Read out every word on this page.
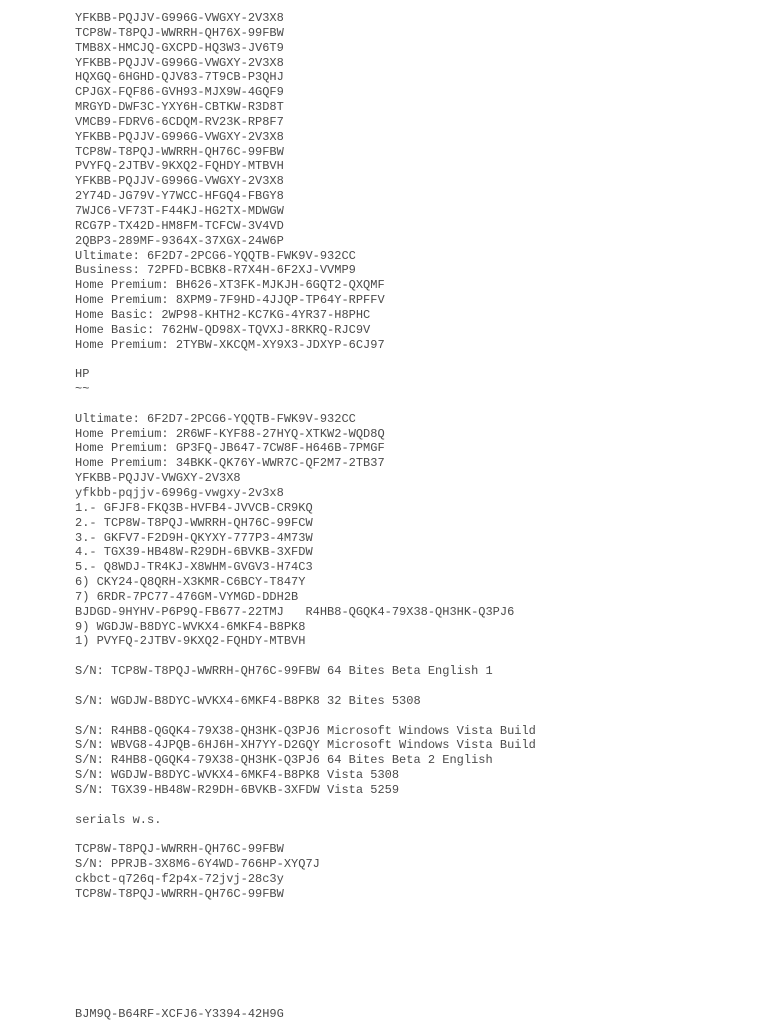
YFKBB-PQJJV-G996G-VWGXY-2V3X8
TCP8W-T8PQJ-WWRRH-QH76X-99FBW
TMB8X-HMCJQ-GXCPD-HQ3W3-JV6T9
YFKBB-PQJJV-G996G-VWGXY-2V3X8
HQXGQ-6HGHD-QJV83-7T9CB-P3QHJ
CPJGX-FQF86-GVH93-MJX9W-4GQF9
MRGYD-DWF3C-YXY6H-CBTKW-R3D8T
VMCB9-FDRV6-6CDQM-RV23K-RP8F7
YFKBB-PQJJV-G996G-VWGXY-2V3X8
TCP8W-T8PQJ-WWRRH-QH76C-99FBW
PVYFQ-2JTBV-9KXQ2-FQHDY-MTBVH
YFKBB-PQJJV-G996G-VWGXY-2V3X8
2Y74D-JG79V-Y7WCC-HFGQ4-FBGY8
7WJC6-VF73T-F44KJ-HG2TX-MDWGW
RCG7P-TX42D-HM8FM-TCFCW-3V4VD
2QBP3-289MF-9364X-37XGX-24W6P
Ultimate: 6F2D7-2PCG6-YQQTB-FWK9V-932CC
Business: 72PFD-BCBK8-R7X4H-6F2XJ-VVMP9
Home Premium: BH626-XT3FK-MJKJH-6GQT2-QXQMF
Home Premium: 8XPM9-7F9HD-4JJQP-TP64Y-RPFFV
Home Basic: 2WP98-KHTH2-KC7KG-4YR37-H8PHC
Home Basic: 762HW-QD98X-TQVXJ-8RKRQ-RJC9V
Home Premium: 2TYBW-XKCQM-XY9X3-JDXYP-6CJ97
HP
~~
Ultimate: 6F2D7-2PCG6-YQQTB-FWK9V-932CC
Home Premium: 2R6WF-KYF88-27HYQ-XTKW2-WQD8Q
Home Premium: GP3FQ-JB647-7CW8F-H646B-7PMGF
Home Premium: 34BKK-QK76Y-WWR7C-QF2M7-2TB37
YFKBB-PQJJV-VWGXY-2V3X8
yfkbb-pqjjv-6996g-vwgxy-2v3x8
1.- GFJF8-FKQ3B-HVFB4-JVVCB-CR9KQ
2.- TCP8W-T8PQJ-WWRRH-QH76C-99FCW
3.- GKFV7-F2D9H-QKYXY-777P3-4M73W
4.- TGX39-HB48W-R29DH-6BVKB-3XFDW
5.- Q8WDJ-TR4KJ-X8WHM-GVGV3-H74C3
6) CKY24-Q8QRH-X3KMR-C6BCY-T847Y
7) 6RDR-7PC77-476GM-VYMGD-DDH2B
BJDGD-9HYHV-P6P9Q-FB677-22TMJ   R4HB8-QGQK4-79X38-QH3HK-Q3PJ6
9) WGDJW-B8DYC-WVKX4-6MKF4-B8PK8
1) PVYFQ-2JTBV-9KXQ2-FQHDY-MTBVH
S/N: TCP8W-T8PQJ-WWRRH-QH76C-99FBW 64 Bites Beta English 1
S/N: WGDJW-B8DYC-WVKX4-6MKF4-B8PK8 32 Bites 5308
S/N: R4HB8-QGQK4-79X38-QH3HK-Q3PJ6 Microsoft Windows Vista Build
S/N: WBVG8-4JPQB-6HJ6H-XH7YY-D2GQY Microsoft Windows Vista Build
S/N: R4HB8-QGQK4-79X38-QH3HK-Q3PJ6 64 Bites Beta 2 English
S/N: WGDJW-B8DYC-WVKX4-6MKF4-B8PK8 Vista 5308
S/N: TGX39-HB48W-R29DH-6BVKB-3XFDW Vista 5259
serials w.s.
TCP8W-T8PQJ-WWRRH-QH76C-99FBW
S/N: PPRJB-3X8M6-6Y4WD-766HP-XYQ7J
ckbct-q726q-f2p4x-72jvj-28c3y
TCP8W-T8PQJ-WWRRH-QH76C-99FBW
BJM9Q-B64RF-XCFJ6-Y3394-42H9G
